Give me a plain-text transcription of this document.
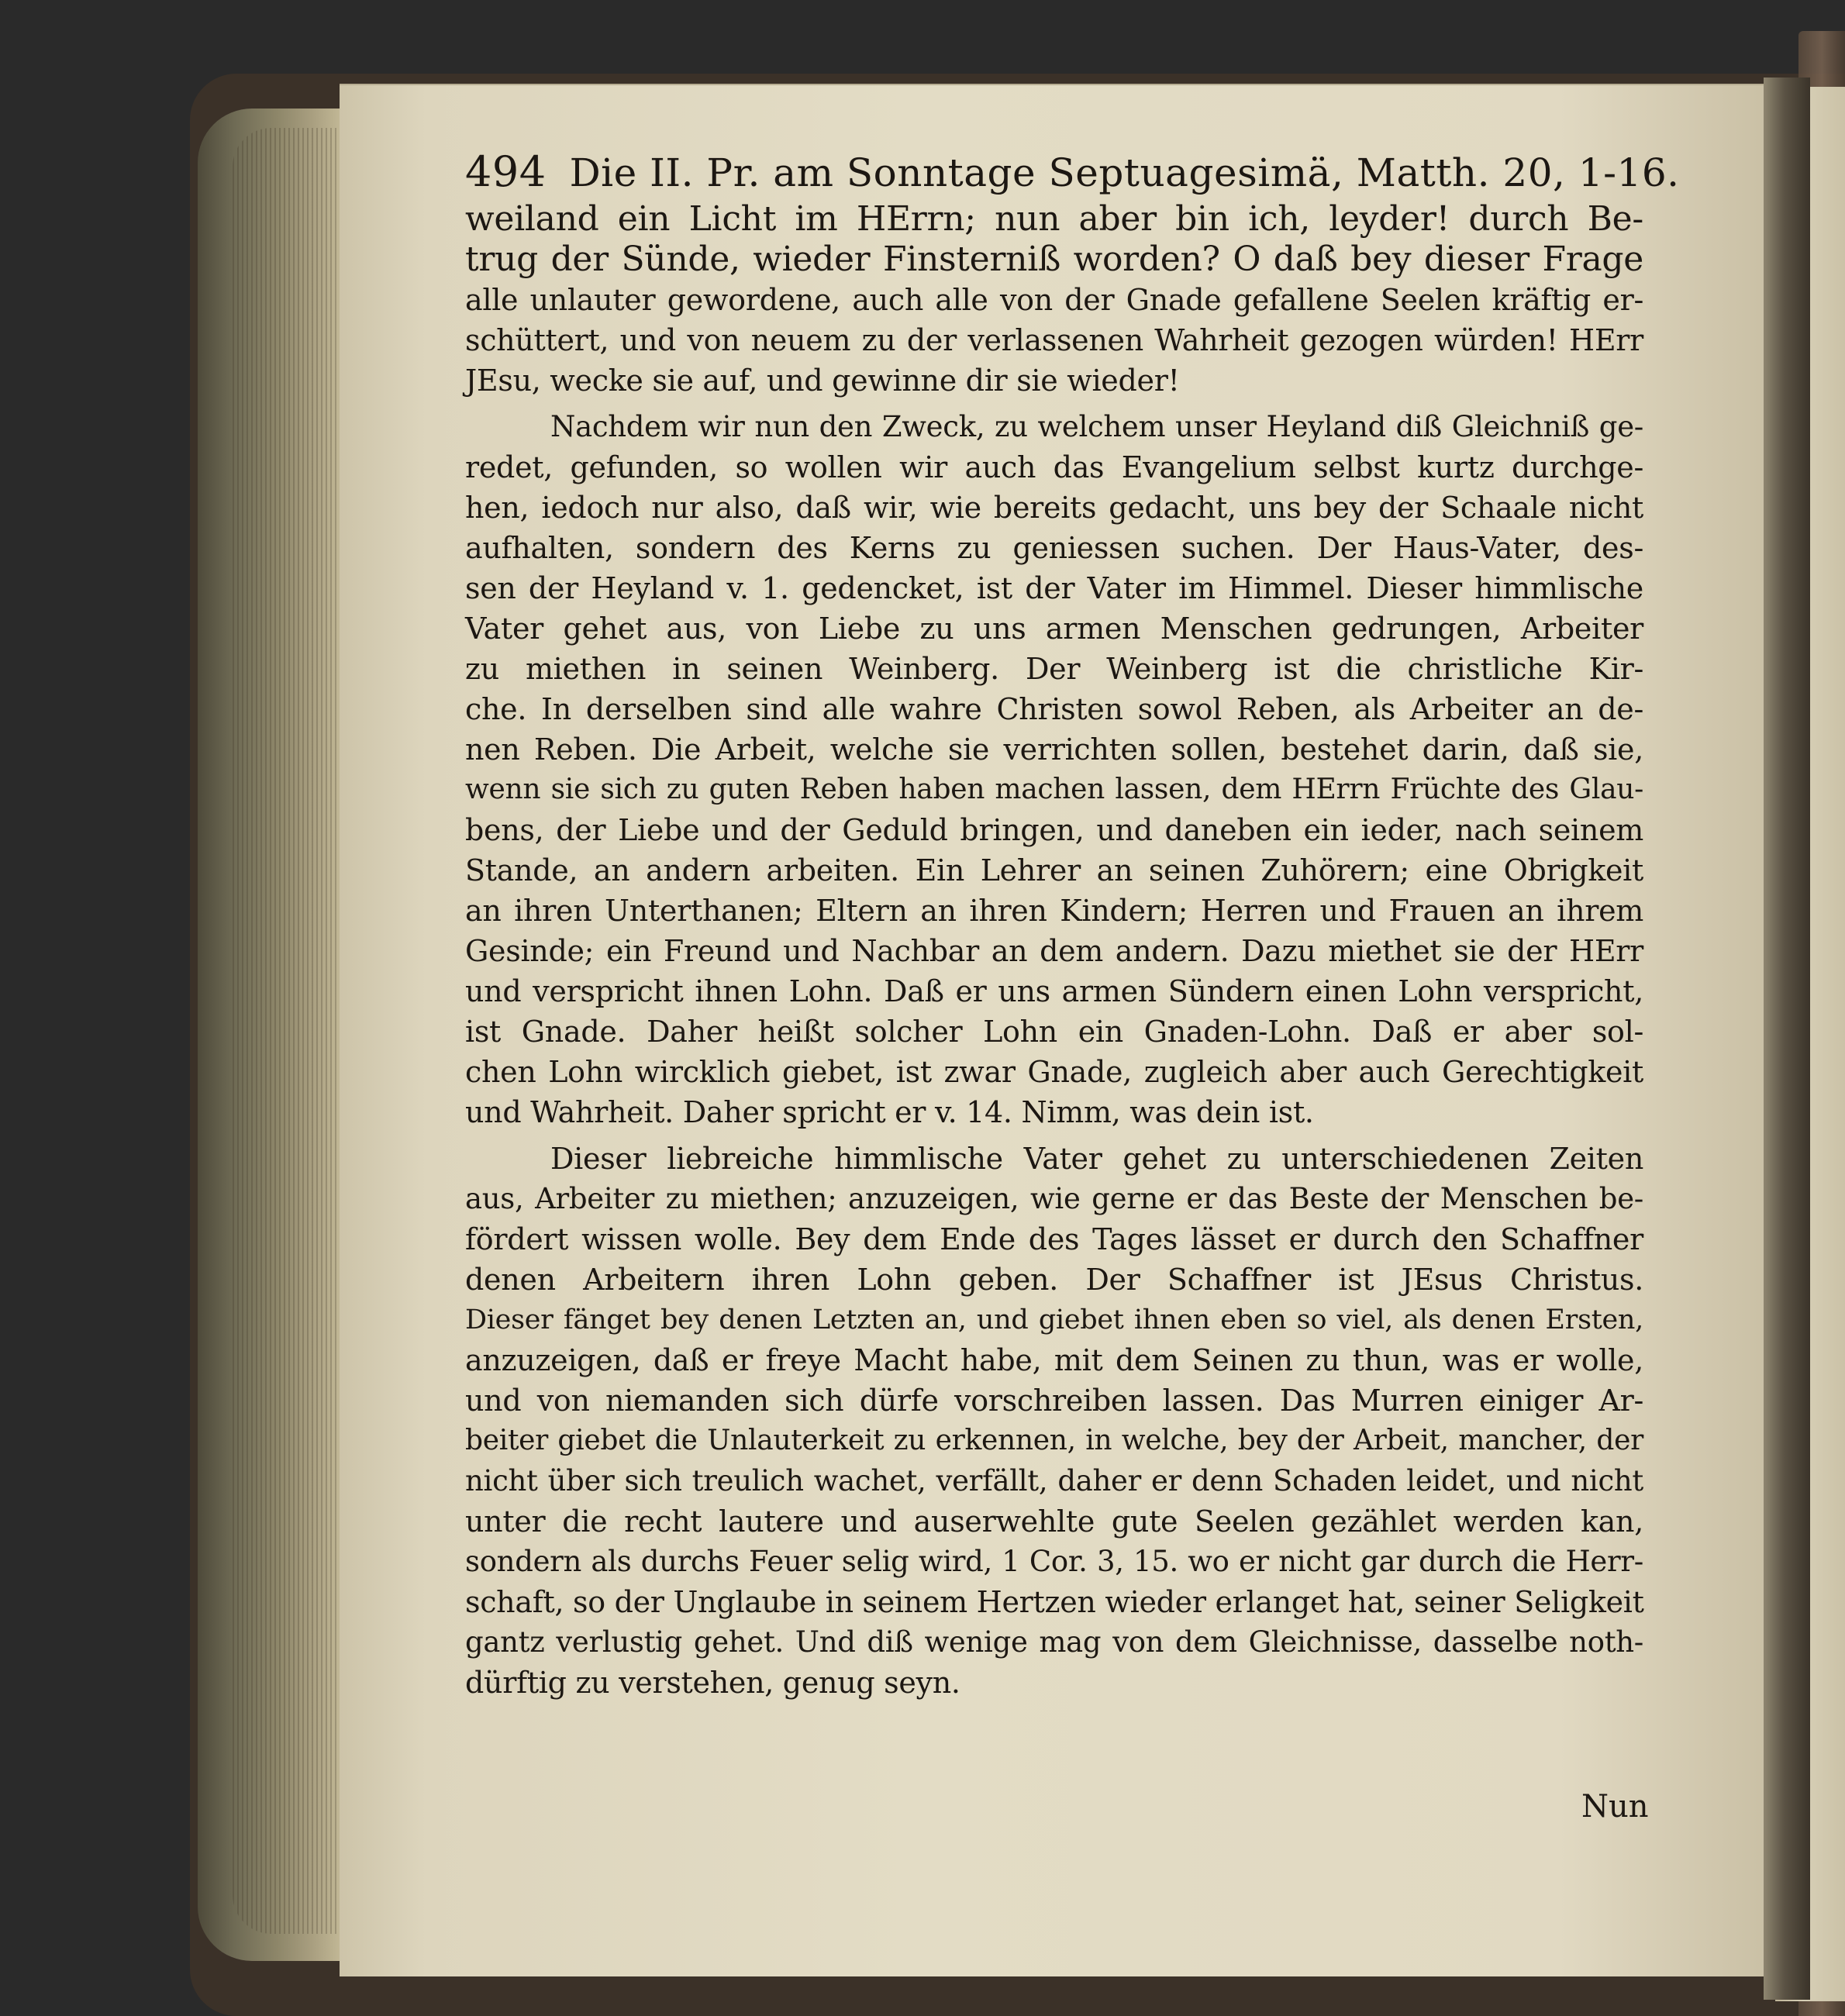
494 Die II. Pr. am Sonntage Septuagesimä, Matth. 20, 1-16.
weiland ein Licht im HErrn; nun aber bin ich, leyder! durch Be-
trug der Sünde, wieder Finsterniß worden? O daß bey dieser Frage
alle unlauter gewordene, auch alle von der Gnade gefallene Seelen kräftig er-
schüttert, und von neuem zu der verlassenen Wahrheit gezogen würden! HErr
JEsu, wecke sie auf, und gewinne dir sie wieder!
Nachdem wir nun den Zweck, zu welchem unser Heyland diß Gleichniß ge-
redet, gefunden, so wollen wir auch das Evangelium selbst kurtz durchge-
hen, iedoch nur also, daß wir, wie bereits gedacht, uns bey der Schaale nicht
aufhalten, sondern des Kerns zu geniessen suchen. Der Haus-Vater, des-
sen der Heyland v. 1. gedencket, ist der Vater im Himmel. Dieser himmlische
Vater gehet aus, von Liebe zu uns armen Menschen gedrungen, Arbeiter
zu miethen in seinen Weinberg. Der Weinberg ist die christliche Kir-
che. In derselben sind alle wahre Christen sowol Reben, als Arbeiter an de-
nen Reben. Die Arbeit, welche sie verrichten sollen, bestehet darin, daß sie,
wenn sie sich zu guten Reben haben machen lassen, dem HErrn Früchte des Glau-
bens, der Liebe und der Geduld bringen, und daneben ein ieder, nach seinem
Stande, an andern arbeiten. Ein Lehrer an seinen Zuhörern; eine Obrigkeit
an ihren Unterthanen; Eltern an ihren Kindern; Herren und Frauen an ihrem
Gesinde; ein Freund und Nachbar an dem andern. Dazu miethet sie der HErr
und verspricht ihnen Lohn. Daß er uns armen Sündern einen Lohn verspricht,
ist Gnade. Daher heißt solcher Lohn ein Gnaden-Lohn. Daß er aber sol-
chen Lohn wircklich giebet, ist zwar Gnade, zugleich aber auch Gerechtigkeit
und Wahrheit. Daher spricht er v. 14. Nimm, was dein ist.
Dieser liebreiche himmlische Vater gehet zu unterschiedenen Zeiten
aus, Arbeiter zu miethen; anzuzeigen, wie gerne er das Beste der Menschen be-
fördert wissen wolle. Bey dem Ende des Tages lässet er durch den Schaffner
denen Arbeitern ihren Lohn geben. Der Schaffner ist JEsus Christus.
Dieser fänget bey denen Letzten an, und giebet ihnen eben so viel, als denen Ersten,
anzuzeigen, daß er freye Macht habe, mit dem Seinen zu thun, was er wolle,
und von niemanden sich dürfe vorschreiben lassen. Das Murren einiger Ar-
beiter giebet die Unlauterkeit zu erkennen, in welche, bey der Arbeit, mancher, der
nicht über sich treulich wachet, verfällt, daher er denn Schaden leidet, und nicht
unter die recht lautere und auserwehlte gute Seelen gezählet werden kan,
sondern als durchs Feuer selig wird, 1 Cor. 3, 15. wo er nicht gar durch die Herr-
schaft, so der Unglaube in seinem Hertzen wieder erlanget hat, seiner Seligkeit
gantz verlustig gehet. Und diß wenige mag von dem Gleichnisse, dasselbe noth-
dürftig zu verstehen, genug seyn.
Nun
